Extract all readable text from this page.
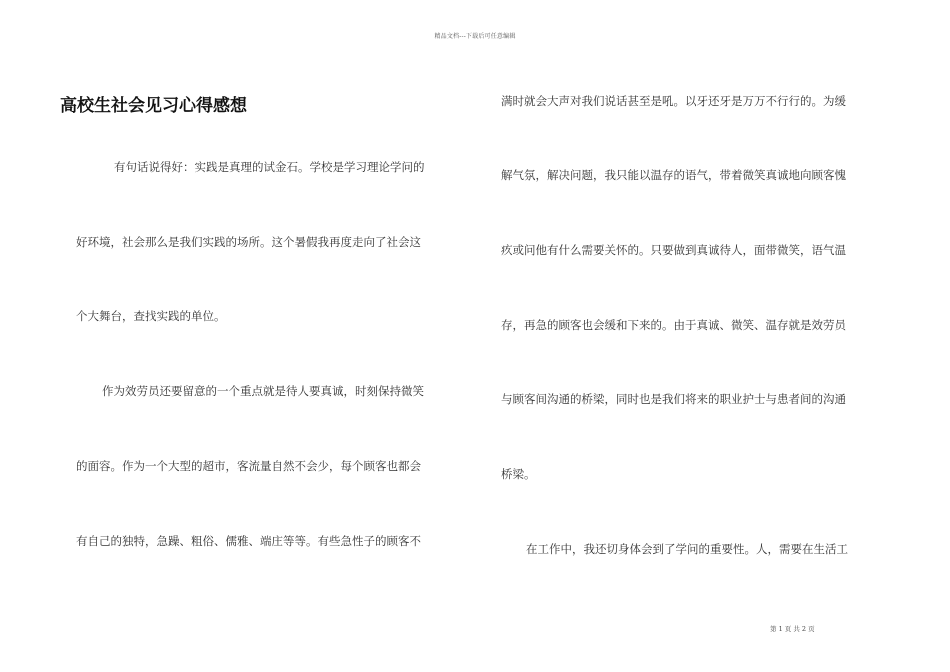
精品文档---下载后可任意编辑
高校生社会见习心得感想
有句话说得好：实践是真理的试金石。学校是学习理论学问的
好环境，社会那么是我们实践的场所。这个暑假我再度走向了社会这
个大舞台，查找实践的单位。
作为效劳员还要留意的一个重点就是待人要真诚，时刻保持微笑
的面容。作为一个大型的超市，客流量自然不会少，每个顾客也都会
有自己的独特，急躁、粗俗、儒雅、端庄等等。有些急性子的顾客不
满时就会大声对我们说话甚至是吼。以牙还牙是万万不行行的。为缓
解气氛，解决问题，我只能以温存的语气，带着微笑真诚地向顾客愧
疚或问他有什么需要关怀的。只要做到真诚待人，面带微笑，语气温
存，再急的顾客也会缓和下来的。由于真诚、微笑、温存就是效劳员
与顾客间沟通的桥梁，同时也是我们将来的职业护士与患者间的沟通
桥梁。
在工作中，我还切身体会到了学问的重要性。人，需要在生活工
第 1 页 共 2 页
